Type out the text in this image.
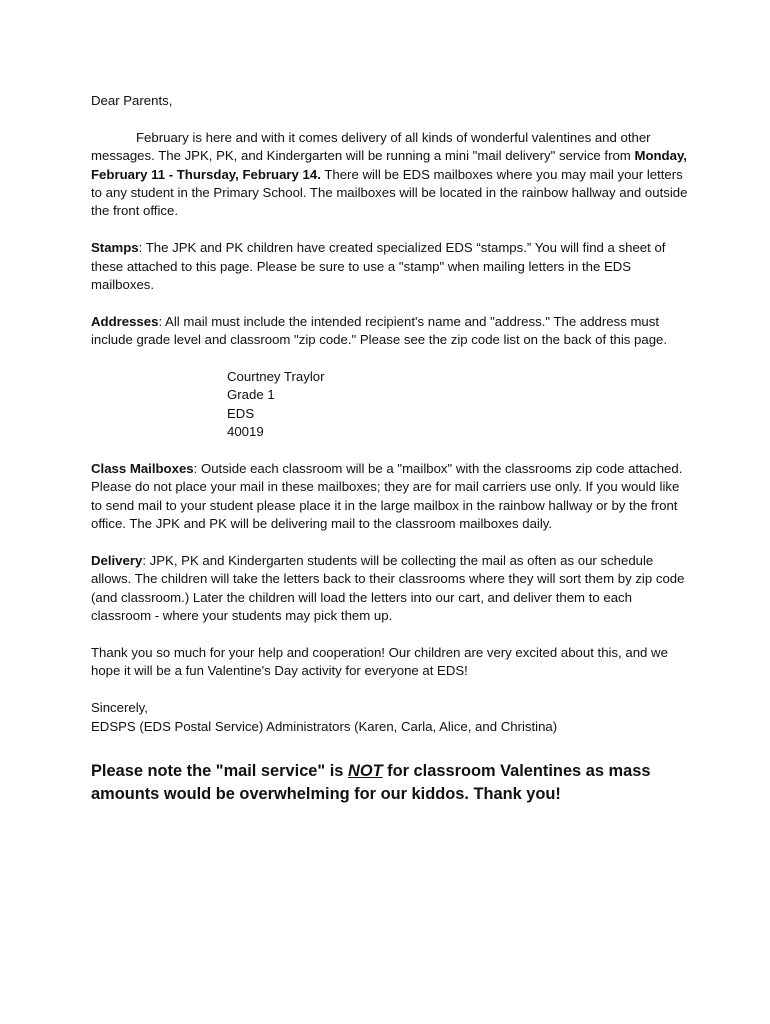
Dear Parents,

February is here and with it comes delivery of all kinds of wonderful valentines and other messages. The JPK, PK, and Kindergarten will be running a mini "mail delivery" service from Monday, February 11 - Thursday, February 14. There will be EDS mailboxes where you may mail your letters to any student in the Primary School. The mailboxes will be located in the rainbow hallway and outside the front office.

Stamps: The JPK and PK children have created specialized EDS “stamps.” You will find a sheet of these attached to this page. Please be sure to use a "stamp" when mailing letters in the EDS mailboxes.

Addresses: All mail must include the intended recipient's name and "address." The address must include grade level and classroom "zip code." Please see the zip code list on the back of this page.

Courtney Traylor
Grade 1
EDS
40019

Class Mailboxes: Outside each classroom will be a "mailbox" with the classrooms zip code attached. Please do not place your mail in these mailboxes; they are for mail carriers use only. If you would like to send mail to your student please place it in the large mailbox in the rainbow hallway or by the front office. The JPK and PK will be delivering mail to the classroom mailboxes daily.

Delivery: JPK, PK and Kindergarten students will be collecting the mail as often as our schedule allows. The children will take the letters back to their classrooms where they will sort them by zip code (and classroom.) Later the children will load the letters into our cart, and deliver them to each classroom - where your students may pick them up.

Thank you so much for your help and cooperation! Our children are very excited about this, and we hope it will be a fun Valentine's Day activity for everyone at EDS!

Sincerely,
EDSPS (EDS Postal Service) Administrators (Karen, Carla, Alice, and Christina)

Please note the "mail service" is NOT for classroom Valentines as mass amounts would be overwhelming for our kiddos. Thank you!
